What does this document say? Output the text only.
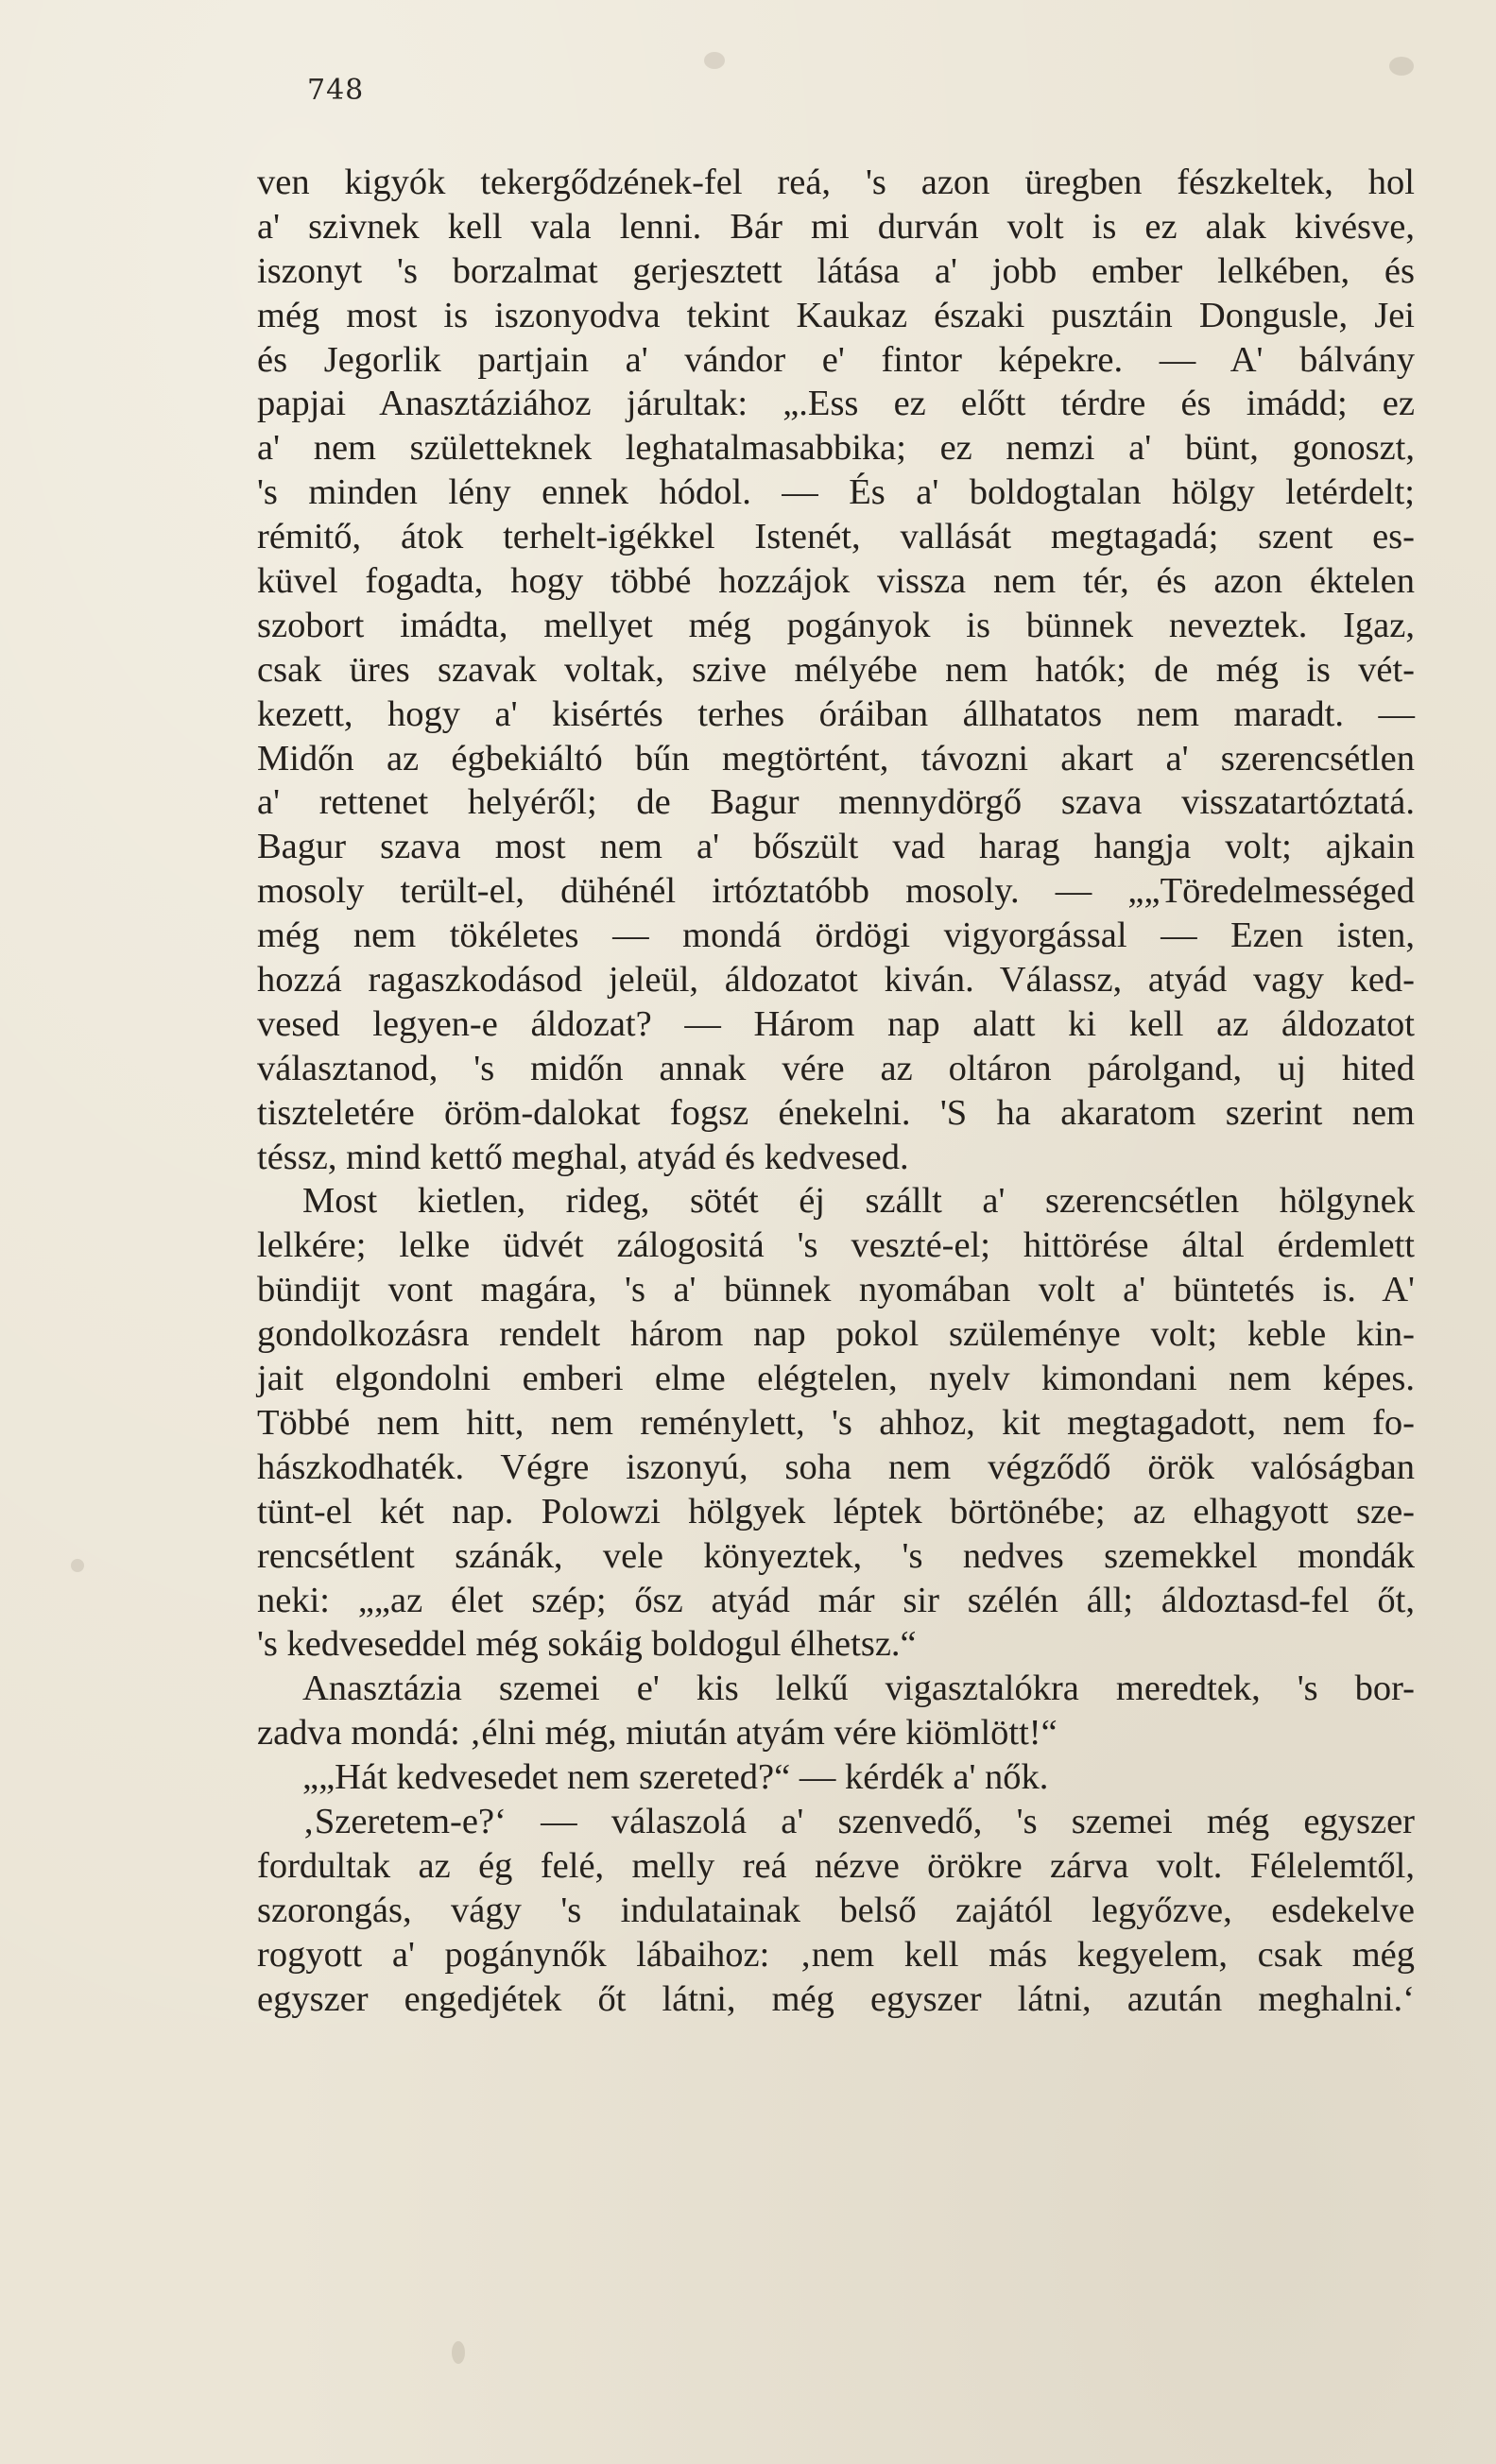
748
ven kigyók tekergődzének-fel reá, 's azon üregben fészkeltek, hol
a' szivnek kell vala lenni. Bár mi durván volt is ez alak kivésve,
iszonyt 's borzalmat gerjesztett látása a' jobb ember lelkében, és
még most is iszonyodva tekint Kaukaz északi pusztáin Dongusle, Jei
és Jegorlik partjain a' vándor e' fintor képekre. — A' bálvány
papjai Anasztáziához járultak: „.Ess ez előtt térdre és imádd; ez
a' nem születteknek leghatalmasabbika; ez nemzi a' bünt, gonoszt,
's minden lény ennek hódol. — És a' boldogtalan hölgy letérdelt;
rémitő, átok terhelt-igékkel Istenét, vallását megtagadá; szent es-
küvel fogadta, hogy többé hozzájok vissza nem tér, és azon éktelen
szobort imádta, mellyet még pogányok is bünnek neveztek. Igaz,
csak üres szavak voltak, szive mélyébe nem hatók; de még is vét-
kezett, hogy a' kisértés terhes óráiban állhatatos nem maradt. —
Midőn az égbekiáltó bűn megtörtént, távozni akart a' szerencsétlen
a' rettenet helyéről; de Bagur mennydörgő szava visszatartóztatá.
Bagur szava most nem a' bőszült vad harag hangja volt; ajkain
mosoly terült-el, dühénél irtóztatóbb mosoly. — „„Töredelmességed
még nem tökéletes — mondá ördögi vigyorgással — Ezen isten,
hozzá ragaszkodásod jeleül, áldozatot kiván. Válassz, atyád vagy ked-
vesed legyen-e áldozat? — Három nap alatt ki kell az áldozatot
választanod, 's midőn annak vére az oltáron párolgand, uj hited
tiszteletére öröm-dalokat fogsz énekelni. 'S ha akaratom szerint nem
téssz, mind kettő meghal, atyád és kedvesed.
Most kietlen, rideg, sötét éj szállt a' szerencsétlen hölgynek
lelkére; lelke üdvét zálogositá 's veszté-el; hittörése által érdemlett
bündijt vont magára, 's a' bünnek nyomában volt a' büntetés is. A'
gondolkozásra rendelt három nap pokol szüleménye volt; keble kin-
jait elgondolni emberi elme elégtelen, nyelv kimondani nem képes.
Többé nem hitt, nem reménylett, 's ahhoz, kit megtagadott, nem fo-
hászkodhaték. Végre iszonyú, soha nem végződő örök valóságban
tünt-el két nap. Polowzi hölgyek léptek börtönébe; az elhagyott sze-
rencsétlent szánák, vele könyeztek, 's nedves szemekkel mondák
neki: „„az élet szép; ősz atyád már sir szélén áll; áldoztasd-fel őt,
's kedveseddel még sokáig boldogul élhetsz.“
Anasztázia szemei e' kis lelkű vigasztalókra meredtek, 's bor-
zadva mondá: ‚élni még, miután atyám vére kiömlött!“
„„Hát kedvesedet nem szereted?“ — kérdék a' nők.
‚Szeretem-e?‘ — válaszolá a' szenvedő, 's szemei még egyszer
fordultak az ég felé, melly reá nézve örökre zárva volt. Félelemtől,
szorongás, vágy 's indulatainak belső zajától legyőzve, esdekelve
rogyott a' pogánynők lábaihoz: ‚nem kell más kegyelem, csak még
egyszer engedjétek őt látni, még egyszer látni, azután meghalni.‘
